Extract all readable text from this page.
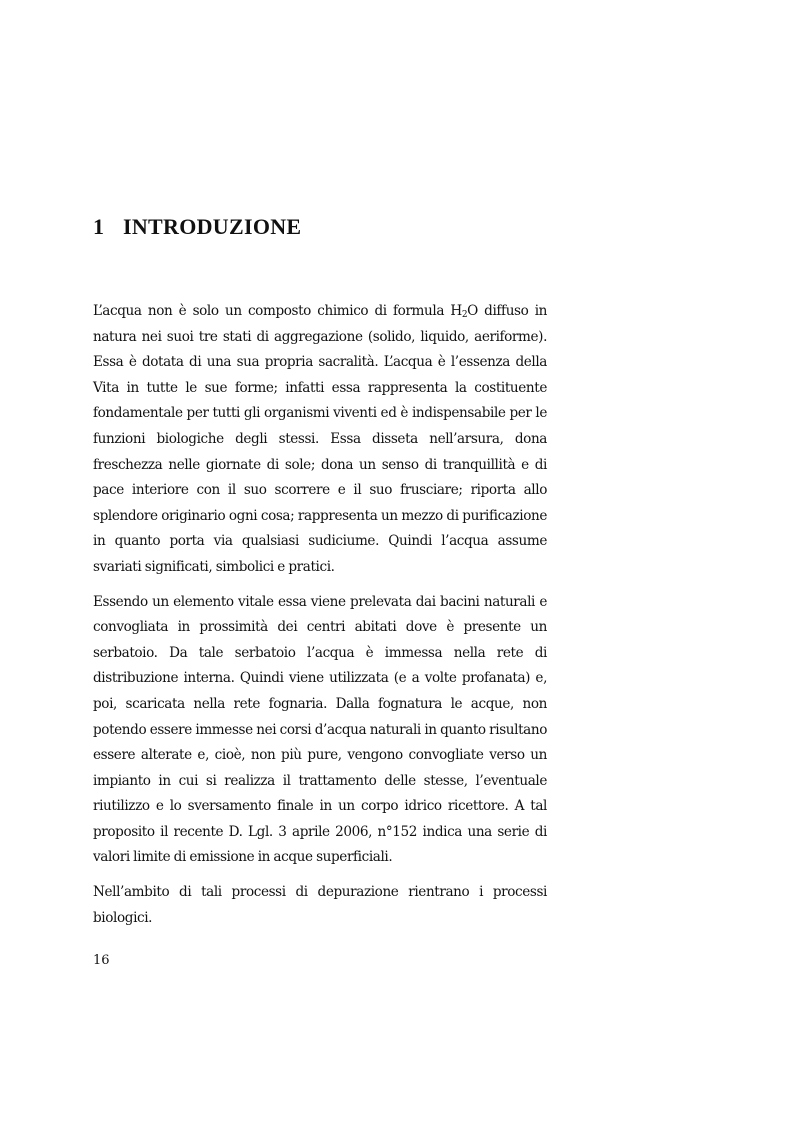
1 INTRODUZIONE

L’acqua non è solo un composto chimico di formula $H_2O$ diffuso in natura nei suoi tre stati di aggregazione (solido, liquido, aeriforme). Essa è dotata di una sua propria sacralità. L’acqua è l’essenza della Vita in tutte le sue forme; infatti essa rappresenta la costituente fondamentale per tutti gli organismi viventi ed è indispensabile per le funzioni biologiche degli stessi. Essa disseta nell’arsura, dona freschezza nelle giornate di sole; dona un senso di tranquillità e di pace interiore con il suo scorrere e il suo frusciare; riporta allo splendore originario ogni cosa; rappresenta un mezzo di purificazione in quanto porta via qualsiasi sudiciume. Quindi l’acqua assume svariati significati, simbolici e pratici.

Essendo un elemento vitale essa viene prelevata dai bacini naturali e convogliata in prossimità dei centri abitati dove è presente un serbatoio. Da tale serbatoio l’acqua è immessa nella rete di distribuzione interna. Quindi viene utilizzata (e a volte profanata) e, poi, scaricata nella rete fognaria. Dalla fognatura le acque, non potendo essere immesse nei corsi d’acqua naturali in quanto risultano essere alterate e, cioè, non più pure, vengono convogliate verso un impianto in cui si realizza il trattamento delle stesse, l’eventuale riutilizzo e lo sversamento finale in un corpo idrico ricettore. A tal proposito il recente D. Lgl. 3 aprile 2006, n°152 indica una serie di valori limite di emissione in acque superficiali.

Nell’ambito di tali processi di depurazione rientrano i processi biologici.

16
